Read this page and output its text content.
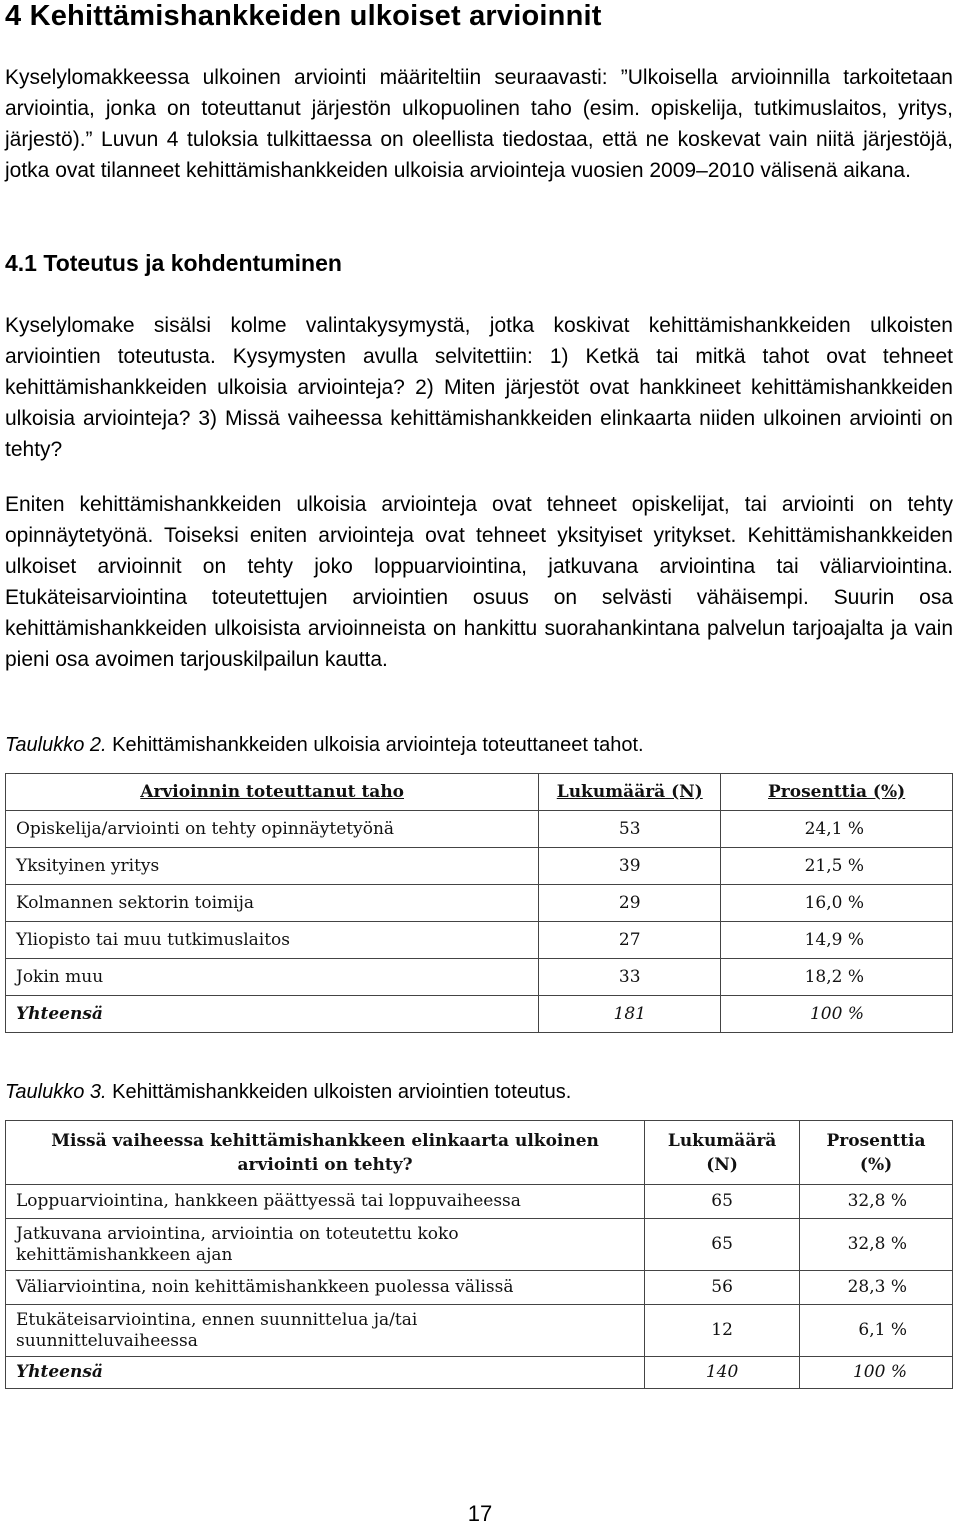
4 Kehittämishankkeiden ulkoiset arvioinnit

Kyselylomakkeessa ulkoinen arviointi määriteltiin seuraavasti: ”Ulkoisella arvioinnilla tarkoitetaan arviointia, jonka on toteuttanut järjestön ulkopuolinen taho (esim. opiskelija, tutkimuslaitos, yritys, järjestö).” Luvun 4 tuloksia tulkittaessa on oleellista tiedostaa, että ne koskevat vain niitä järjestöjä, jotka ovat tilanneet kehittämishankkeiden ulkoisia arviointeja vuosien 2009–2010 välisenä aikana.

4.1 Toteutus ja kohdentuminen

Kyselylomake sisälsi kolme valintakysymystä, jotka koskivat kehittämishankkeiden ulkoisten arviointien toteutusta. Kysymysten avulla selvitettiin: 1) Ketkä tai mitkä tahot ovat tehneet kehittämishankkeiden ulkoisia arviointeja? 2) Miten järjestöt ovat hankkineet kehittämishankkeiden ulkoisia arviointeja? 3) Missä vaiheessa kehittämishankkeiden elinkaarta niiden ulkoinen arviointi on tehty?

Eniten kehittämishankkeiden ulkoisia arviointeja ovat tehneet opiskelijat, tai arviointi on tehty opinnäytetyönä. Toiseksi eniten arviointeja ovat tehneet yksityiset yritykset. Kehittämishankkeiden ulkoiset arvioinnit on tehty joko loppuarviointina, jatkuvana arviointina tai väliarviointina. Etukäteisarviointina toteutettujen arviointien osuus on selvästi vähäisempi. Suurin osa kehittämishankkeiden ulkoisista arvioinneista on hankittu suorahankintana palvelun tarjoajalta ja vain pieni osa avoimen tarjouskilpailun kautta.

Taulukko 2. Kehittämishankkeiden ulkoisia arviointeja toteuttaneet tahot.

Arvioinnin toteuttanut taho	Lukumäärä (N)	Prosenttia (%)
Opiskelija/arviointi on tehty opinnäytetyönä	53	24,1 %
Yksityinen yritys	39	21,5 %
Kolmannen sektorin toimija	29	16,0 %
Yliopisto tai muu tutkimuslaitos	27	14,9 %
Jokin muu	33	18,2 %
Yhteensä	181	100 %

Taulukko 3. Kehittämishankkeiden ulkoisten arviointien toteutus.

Missä vaiheessa kehittämishankkeen elinkaarta ulkoinen arviointi on tehty?	Lukumäärä (N)	Prosenttia (%)
Loppuarviointina, hankkeen päättyessä tai loppuvaiheessa	65	32,8 %
Jatkuvana arviointina, arviointia on toteutettu koko kehittämishankkeen ajan	65	32,8 %
Väliarviointina, noin kehittämishankkeen puolessa välissä	56	28,3 %
Etukäteisarviointina, ennen suunnittelua ja/tai suunnitteluvaiheessa	12	6,1 %
Yhteensä	140	100 %
17
